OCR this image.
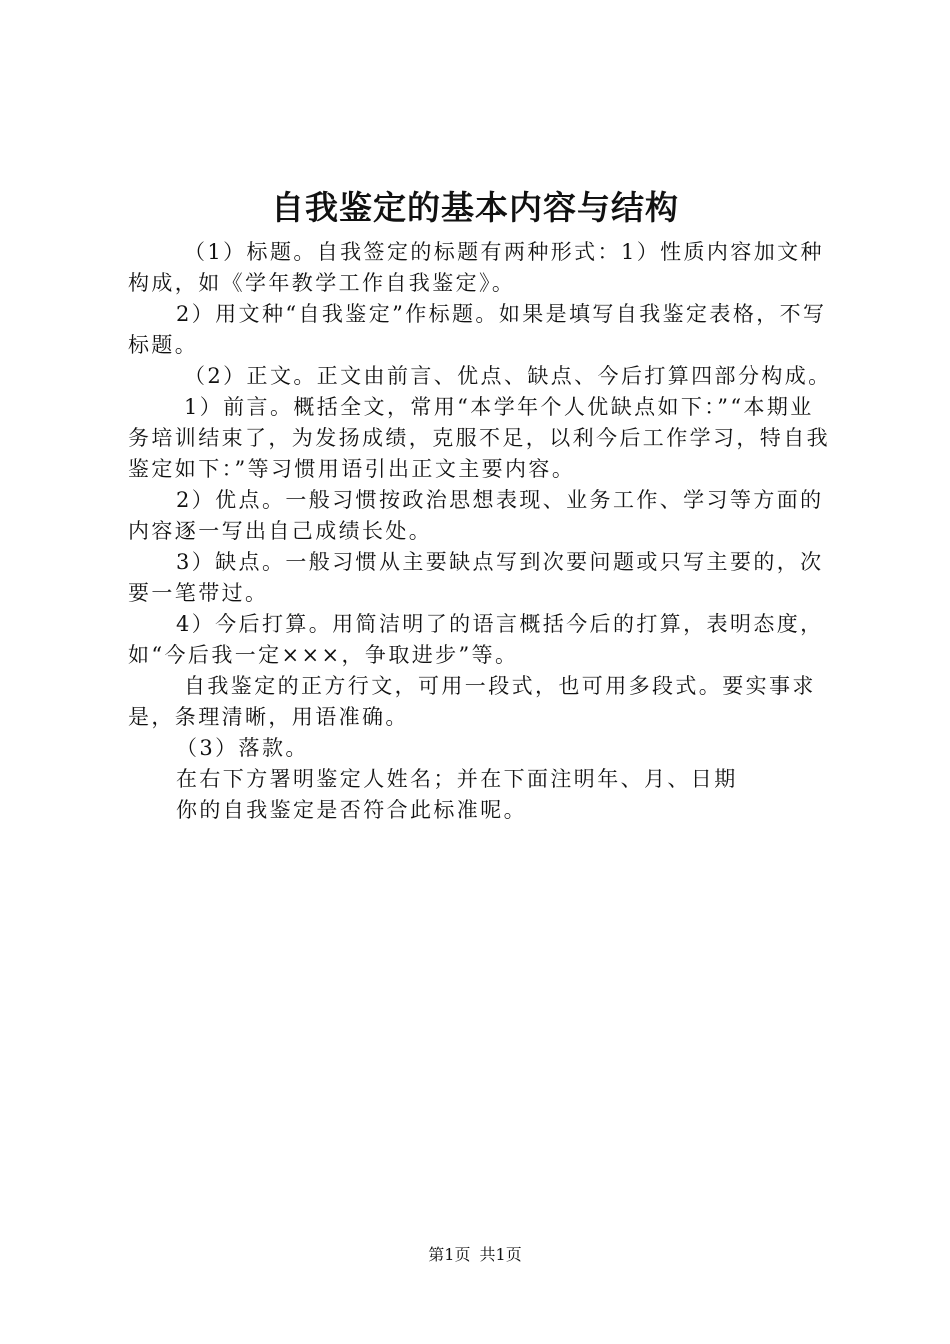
自我鉴定的基本内容与结构

（1）标题。自我签定的标题有两种形式：1）性质内容加文种构成，如《学年教学工作自我鉴定》。

2）用文种“自我鉴定”作标题。如果是填写自我鉴定表格，不写标题。

（2）正文。正文由前言、优点、缺点、今后打算四部分构成。

1）前言。概括全文，常用“本学年个人优缺点如下：”“本期业务培训结束了，为发扬成绩，克服不足，以利今后工作学习，特自我鉴定如下：”等习惯用语引出正文主要内容。

2）优点。一般习惯按政治思想表现、业务工作、学习等方面的内容逐一写出自己成绩长处。

3）缺点。一般习惯从主要缺点写到次要问题或只写主要的，次要一笔带过。

4）今后打算。用简洁明了的语言概括今后的打算，表明态度，如“今后我一定×××，争取进步”等。

自我鉴定的正方行文，可用一段式，也可用多段式。要实事求是，条理清晰，用语准确。

（3）落款。

在右下方署明鉴定人姓名；并在下面注明年、月、日期

你的自我鉴定是否符合此标准呢。

第1页 共1页
